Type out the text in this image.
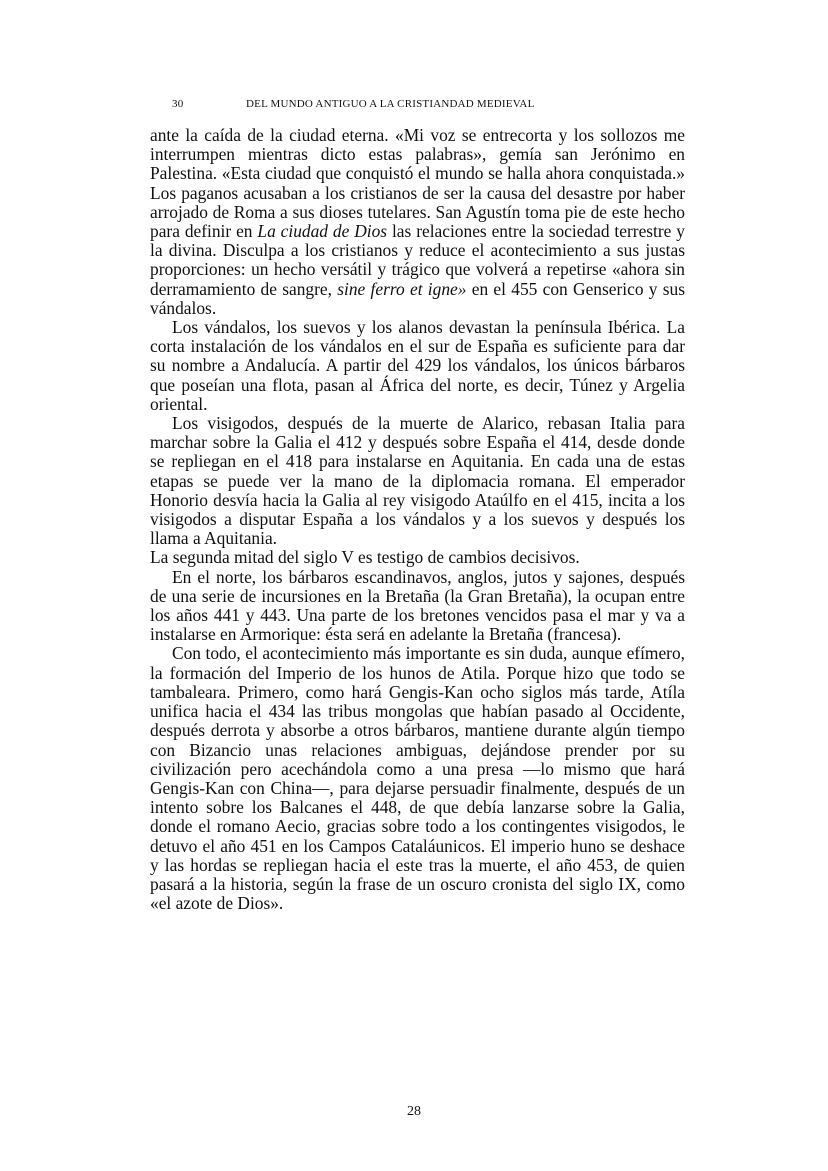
30	DEL MUNDO ANTIGUO A LA CRISTIANDAD MEDIEVAL

ante la caída de la ciudad eterna. «Mi voz se entrecorta y los sollozos me interrumpen mientras dicto estas palabras», gemía san Jerónimo en Palestina. «Esta ciudad que conquistó el mundo se halla ahora conquistada.» Los paganos acusaban a los cristianos de ser la causa del desastre por haber arrojado de Roma a sus dioses tutelares. San Agustín toma pie de este hecho para definir en La ciudad de Dios las relaciones entre la sociedad terrestre y la divina. Disculpa a los cristianos y reduce el acontecimiento a sus justas proporciones: un hecho versátil y trágico que volverá a repetirse «ahora sin derramamiento de sangre, sine ferro et igne» en el 455 con Genserico y sus vándalos.

Los vándalos, los suevos y los alanos devastan la península Ibérica. La corta instalación de los vándalos en el sur de España es suficiente para dar su nombre a Andalucía. A partir del 429 los vándalos, los únicos bárbaros que poseían una flota, pasan al África del norte, es decir, Túnez y Argelia oriental.

Los visigodos, después de la muerte de Alarico, rebasan Italia para marchar sobre la Galia el 412 y después sobre España el 414, desde donde se repliegan en el 418 para instalarse en Aquitania. En cada una de estas etapas se puede ver la mano de la diplomacia romana. El emperador Honorio desvía hacia la Galia al rey visigodo Ataúlfo en el 415, incita a los visigodos a disputar España a los vándalos y a los suevos y después los llama a Aquitania.

La segunda mitad del siglo V es testigo de cambios decisivos.

En el norte, los bárbaros escandinavos, anglos, jutos y sajones, después de una serie de incursiones en la Bretaña (la Gran Bretaña), la ocupan entre los años 441 y 443. Una parte de los bretones vencidos pasa el mar y va a instalarse en Armorique: ésta será en adelante la Bretaña (francesa).

Con todo, el acontecimiento más importante es sin duda, aunque efímero, la formación del Imperio de los hunos de Atila. Porque hizo que todo se tambaleara. Primero, como hará Gengis-Kan ocho siglos más tarde, Atíla unifica hacia el 434 las tribus mongolas que habían pasado al Occidente, después derrota y absorbe a otros bárbaros, mantiene durante algún tiempo con Bizancio unas relaciones ambiguas, dejándose prender por su civilización pero acechándola como a una presa —lo mismo que hará Gengis-Kan con China—, para dejarse persuadir finalmente, después de un intento sobre los Balcanes el 448, de que debía lanzarse sobre la Galia, donde el romano Aecio, gracias sobre todo a los contingentes visigodos, le detuvo el año 451 en los Campos Cataláunicos. El imperio huno se deshace y las hordas se repliegan hacia el este tras la muerte, el año 453, de quien pasará a la historia, según la frase de un oscuro cronista del siglo IX, como «el azote de Dios».

28
